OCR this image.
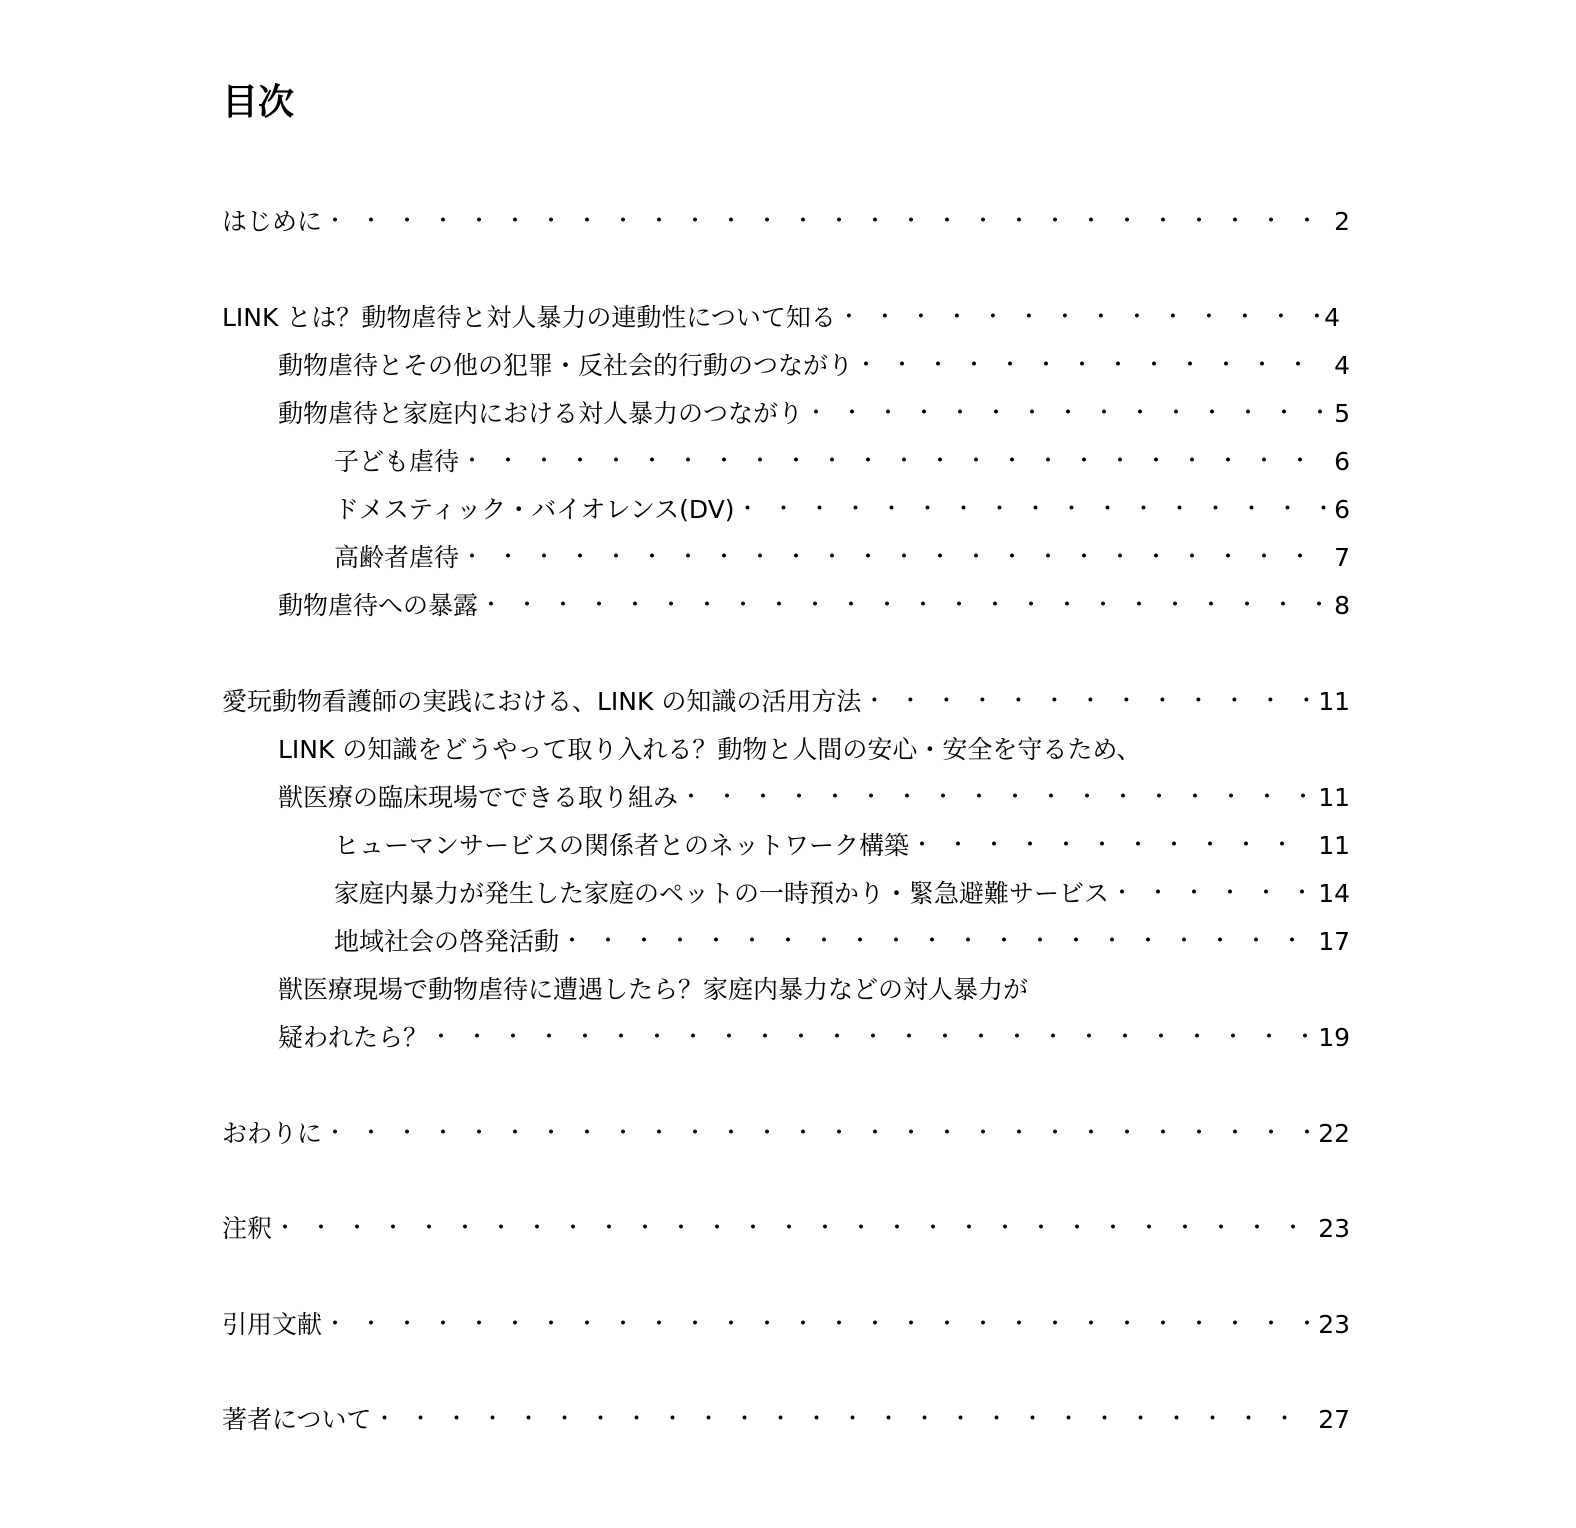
目次
はじめに ・・・・・・・・・・・・・・・・・・・・・・・・・・・・・・・・・・・・・・・・・・・・・・・・・・・・・・・・・・・・・	2
LINK とは？動物虐待と対人暴力の連動性について知る ・・・・・・・・・・・・・・・・・・・・・・・・・・・・・・・・・・・・・・・・・・・・・・・・・・・・・・・・・・・・・	4
動物虐待とその他の犯罪・反社会的行動のつながり ・・・・・・・・・・・・・・・・・・・・・・・・・・・・・・・・・・・・・・・・・・・・・・・・・・・・・・・・・・・・・	4
動物虐待と家庭内における対人暴力のつながり ・・・・・・・・・・・・・・・・・・・・・・・・・・・・・・・・・・・・・・・・・・・・・・・・・・・・・・・・・・・・・	5
子ども虐待 ・・・・・・・・・・・・・・・・・・・・・・・・・・・・・・・・・・・・・・・・・・・・・・・・・・・・・・・・・・・・・	6
ドメスティック・バイオレンス(DV) ・・・・・・・・・・・・・・・・・・・・・・・・・・・・・・・・・・・・・・・・・・・・・・・・・・・・・・・・・・・・・	6
高齢者虐待 ・・・・・・・・・・・・・・・・・・・・・・・・・・・・・・・・・・・・・・・・・・・・・・・・・・・・・・・・・・・・・	7
動物虐待への暴露 ・・・・・・・・・・・・・・・・・・・・・・・・・・・・・・・・・・・・・・・・・・・・・・・・・・・・・・・・・・・・・	8
愛玩動物看護師の実践における、LINK の知識の活用方法 ・・・・・・・・・・・・・・・・・・・・・・・・・・・・・・・・・・・・・・・・・・・・・・・・・・・・・・・・・・・・・	11
LINK の知識をどうやって取り入れる？動物と人間の安心・安全を守るため、
獣医療の臨床現場でできる取り組み ・・・・・・・・・・・・・・・・・・・・・・・・・・・・・・・・・・・・・・・・・・・・・・・・・・・・・・・・・・・・・	11
ヒューマンサービスの関係者とのネットワーク構築 ・・・・・・・・・・・・・・・・・・・・・・・・・・・・・・・・・・・・・・・・・・・・・・・・・・・・・・・・・・・・・	11
家庭内暴力が発生した家庭のペットの一時預かり・緊急避難サービス ・・・・・・・・・・・・・・・・・・・・・・・・・・・・・・・・・・・・・・・・・・・・・・・・・・・・・・・・・・・・・	14
地域社会の啓発活動 ・・・・・・・・・・・・・・・・・・・・・・・・・・・・・・・・・・・・・・・・・・・・・・・・・・・・・・・・・・・・・	17
獣医療現場で動物虐待に遭遇したら？家庭内暴力などの対人暴力が
疑われたら？ ・・・・・・・・・・・・・・・・・・・・・・・・・・・・・・・・・・・・・・・・・・・・・・・・・・・・・・・・・・・・・	19
おわりに ・・・・・・・・・・・・・・・・・・・・・・・・・・・・・・・・・・・・・・・・・・・・・・・・・・・・・・・・・・・・・	22
注釈 ・・・・・・・・・・・・・・・・・・・・・・・・・・・・・・・・・・・・・・・・・・・・・・・・・・・・・・・・・・・・・	23
引用文献 ・・・・・・・・・・・・・・・・・・・・・・・・・・・・・・・・・・・・・・・・・・・・・・・・・・・・・・・・・・・・・	23
著者について ・・・・・・・・・・・・・・・・・・・・・・・・・・・・・・・・・・・・・・・・・・・・・・・・・・・・・・・・・・・・・	27
